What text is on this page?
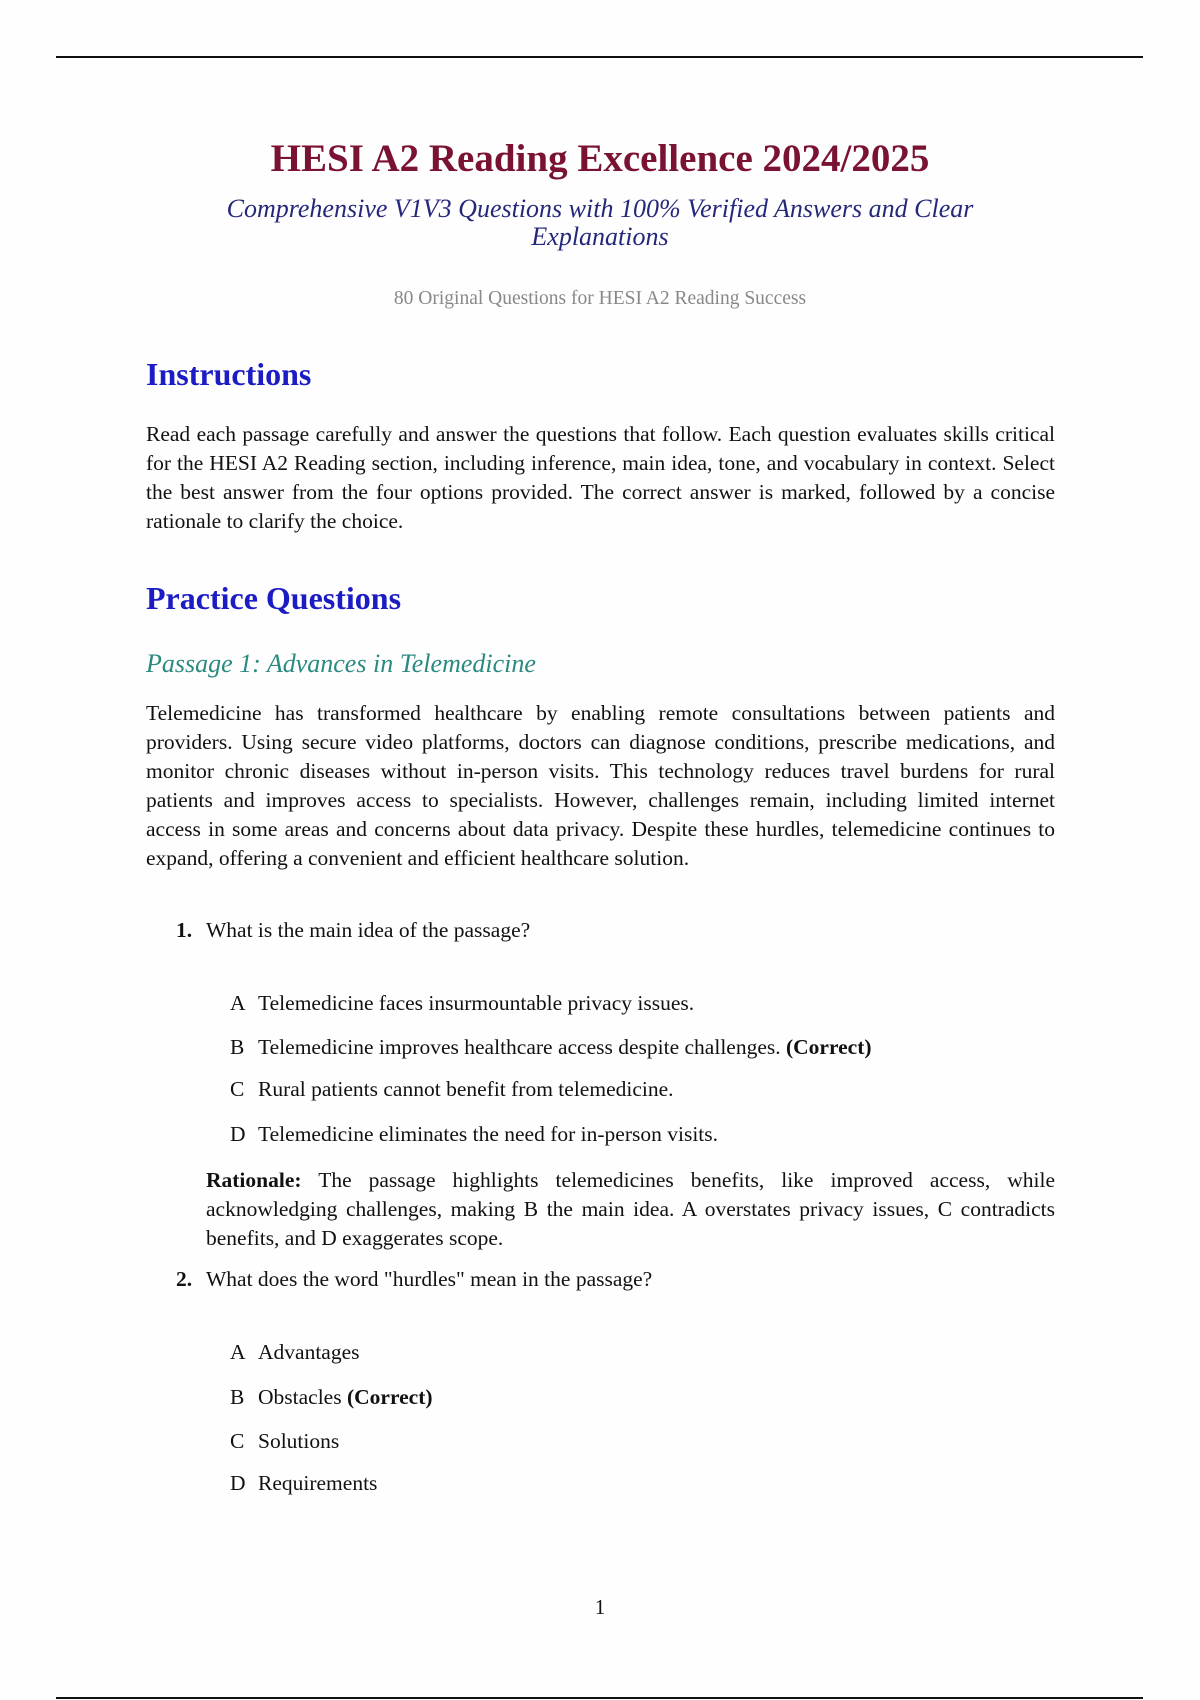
HESI A2 Reading Excellence 2024/2025
Comprehensive V1V3 Questions with 100% Verified Answers and Clear Explanations
80 Original Questions for HESI A2 Reading Success
Instructions
Read each passage carefully and answer the questions that follow. Each question evaluates skills critical for the HESI A2 Reading section, including inference, main idea, tone, and vocabulary in context. Select the best answer from the four options provided. The correct answer is marked, followed by a concise rationale to clarify the choice.
Practice Questions
Passage 1: Advances in Telemedicine
Telemedicine has transformed healthcare by enabling remote consultations between patients and providers. Using secure video platforms, doctors can diagnose conditions, prescribe medications, and monitor chronic diseases without in-person visits. This technology reduces travel burdens for rural patients and improves access to specialists. However, challenges remain, including limited internet access in some areas and concerns about data privacy. Despite these hurdles, telemedicine continues to expand, offering a convenient and efficient healthcare solution.
1. What is the main idea of the passage?
A Telemedicine faces insurmountable privacy issues.
B Telemedicine improves healthcare access despite challenges. (Correct)
C Rural patients cannot benefit from telemedicine.
D Telemedicine eliminates the need for in-person visits.
Rationale: The passage highlights telemedicines benefits, like improved access, while acknowledging challenges, making B the main idea. A overstates privacy issues, C contradicts benefits, and D exaggerates scope.
2. What does the word "hurdles" mean in the passage?
A Advantages
B Obstacles (Correct)
C Solutions
D Requirements
1
